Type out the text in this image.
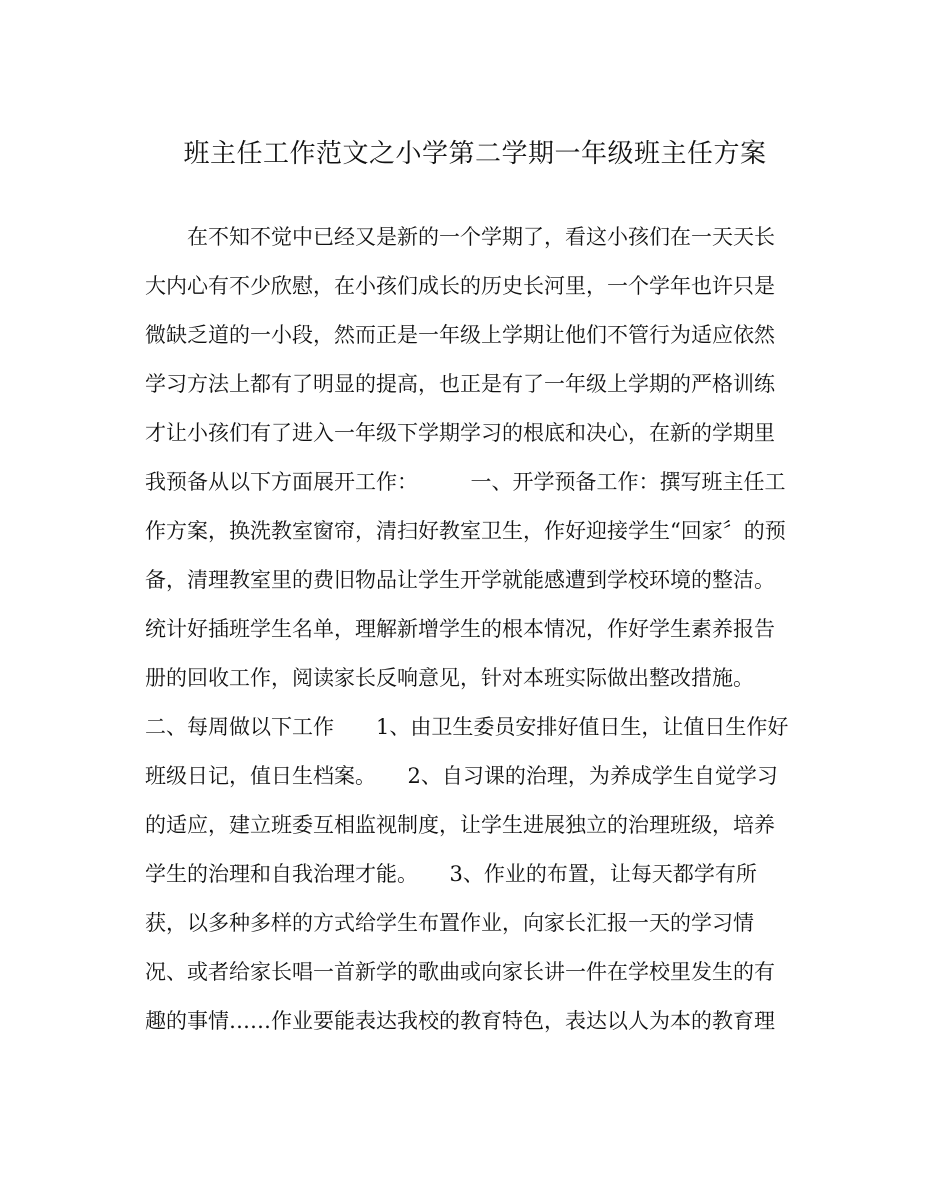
班主任工作范文之小学第二学期一年级班主任方案
　　在不知不觉中已经又是新的一个学期了，看这小孩们在一天天长
大内心有不少欣慰，在小孩们成长的历史长河里，一个学年也许只是
微缺乏道的一小段，然而正是一年级上学期让他们不管行为适应依然
学习方法上都有了明显的提高，也正是有了一年级上学期的严格训练
才让小孩们有了进入一年级下学期学习的根底和决心，在新的学期里
我预备从以下方面展开工作：　　　一、开学预备工作：撰写班主任工
作方案，换洗教室窗帘，清扫好教室卫生，作好迎接学生“回家〞的预
备，清理教室里的费旧物品让学生开学就能感遭到学校环境的整洁。
统计好插班学生名单，理解新增学生的根本情况，作好学生素养报告
册的回收工作，阅读家长反响意见，针对本班实际做出整改措施。
二、每周做以下工作　　1、由卫生委员安排好值日生，让值日生作好
班级日记，值日生档案。　　2、自习课的治理，为养成学生自觉学习
的适应，建立班委互相监视制度，让学生进展独立的治理班级，培养
学生的治理和自我治理才能。　　3、作业的布置，让每天都学有所
获，以多种多样的方式给学生布置作业，向家长汇报一天的学习情
况、或者给家长唱一首新学的歌曲或向家长讲一件在学校里发生的有
趣的事情……作业要能表达我校的教育特色，表达以人为本的教育理
